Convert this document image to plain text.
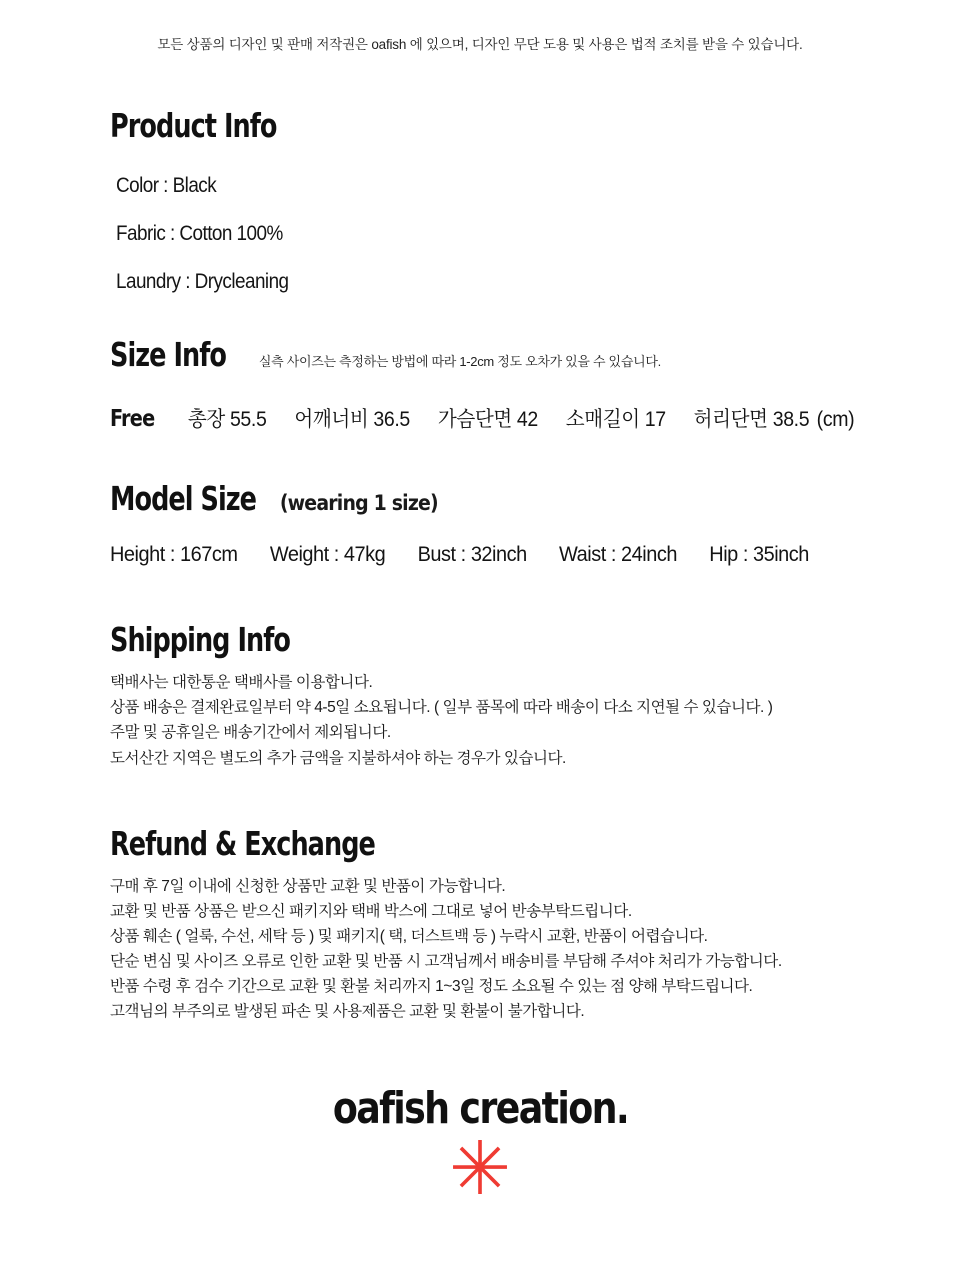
모든 상품의 디자인 및 판매 저작권은 oafish 에 있으며, 디자인 무단 도용 및 사용은 법적 조치를 받을 수 있습니다.
Product Info
Color : Black
Fabric : Cotton 100%
Laundry : Drycleaning
Size Info	실측 사이즈는 측정하는 방법에 따라 1-2cm 정도 오차가 있을 수 있습니다.
Free 총장 55.5 어깨너비 36.5 가슴단면 42 소매길이 17 허리단면 38.5 (cm)
Model Size (wearing 1 size)
Height : 167cm Weight : 47kg Bust : 32inch Waist : 24inch Hip : 35inch
Shipping Info
택배사는 대한통운 택배사를 이용합니다.
상품 배송은 결제완료일부터 약 4-5일 소요됩니다. ( 일부 품목에 따라 배송이 다소 지연될 수 있습니다. )
주말 및 공휴일은 배송기간에서 제외됩니다.
도서산간 지역은 별도의 추가 금액을 지불하셔야 하는 경우가 있습니다.
Refund & Exchange
구매 후 7일 이내에 신청한 상품만 교환 및 반품이 가능합니다.
교환 및 반품 상품은 받으신 패키지와 택배 박스에 그대로 넣어 반송부탁드립니다.
상품 훼손 ( 얼룩, 수선, 세탁 등 ) 및 패키지( 택, 더스트백 등 ) 누락시 교환, 반품이 어렵습니다.
단순 변심 및 사이즈 오류로 인한 교환 및 반품 시 고객님께서 배송비를 부담해 주셔야 처리가 가능합니다.
반품 수령 후 검수 기간으로 교환 및 환불 처리까지 1~3일 정도 소요될 수 있는 점 양해 부탁드립니다.
고객님의 부주의로 발생된 파손 및 사용제품은 교환 및 환불이 불가합니다.
oafish creation.
✳
